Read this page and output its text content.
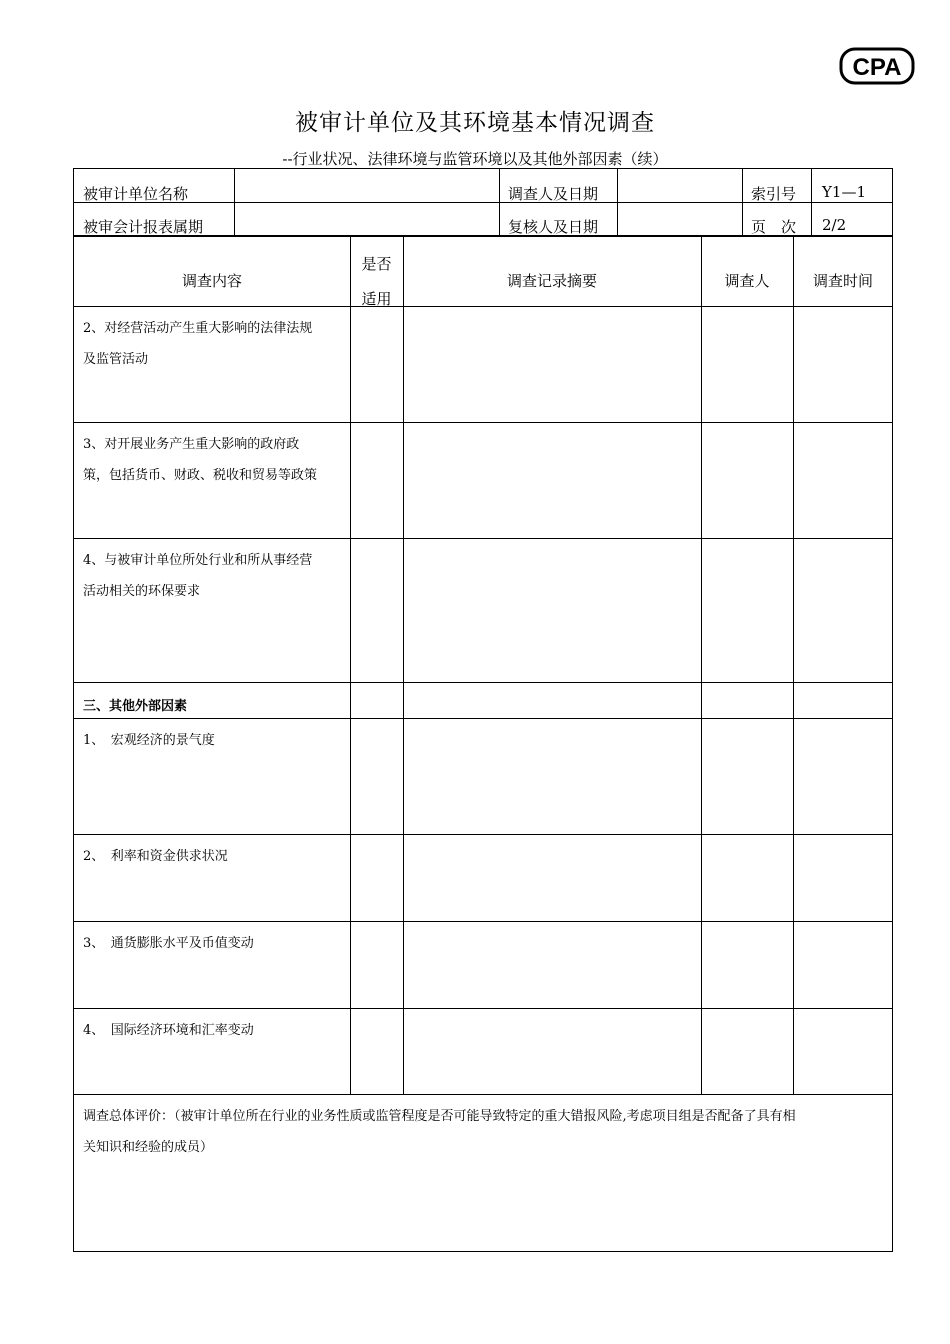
CPA
被审计单位及其环境基本情况调查
--行业状况、法律环境与监管环境以及其他外部因素（续）
被审计单位名称
被审会计报表属期
调查人及日期
复核人及日期
索引号
页　次
Y1—1
2/2
调查内容
是否
适用
调查记录摘要	调查人	调查时间
2、对经营活动产生重大影响的法律法规
及监管活动
3、对开展业务产生重大影响的政府政
策，包括货币、财政、税收和贸易等政策
4、与被审计单位所处行业和所从事经营
活动相关的环保要求
三、其他外部因素
1、　宏观经济的景气度
2、　利率和资金供求状况
3、　通货膨胀水平及币值变动
4、　国际经济环境和汇率变动
调查总体评价：（被审计单位所在行业的业务性质或监管程度是否可能导致特定的重大错报风险,考虑项目组是否配备了具有相
关知识和经验的成员）
